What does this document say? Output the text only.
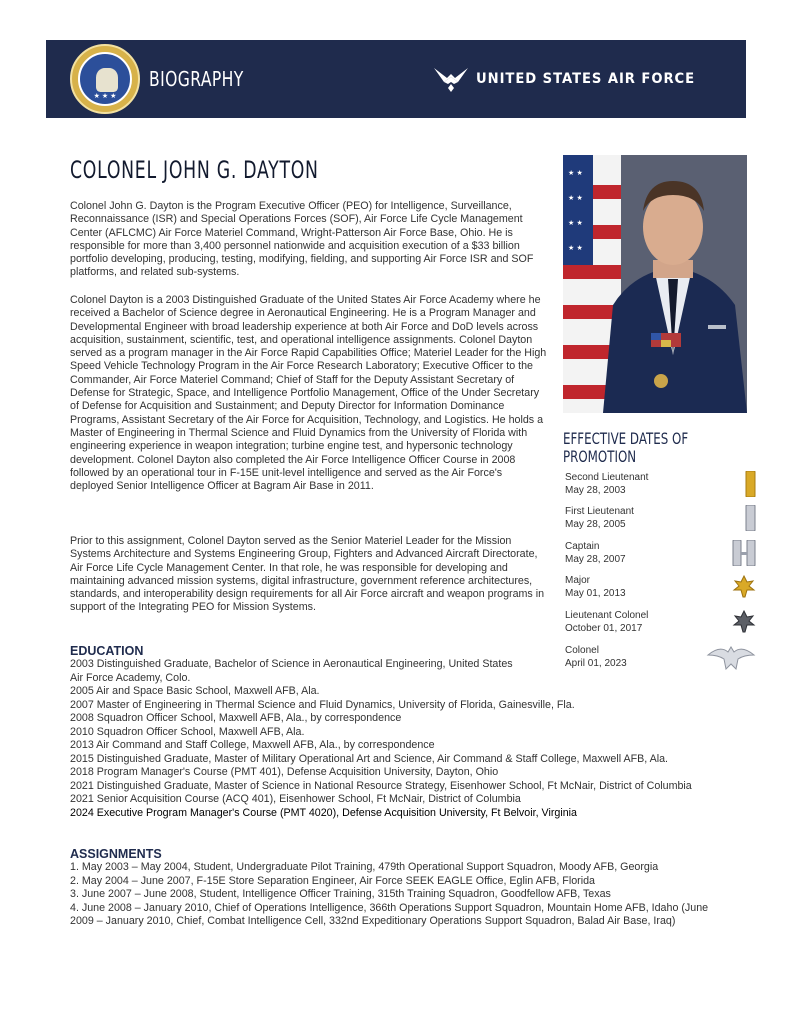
★ ★ ★
BIOGRAPHY	UNITED STATES AIR FORCE
COLONEL JOHN G. DAYTON

Colonel John G. Dayton is the Program Executive Officer (PEO) for Intelligence, Surveillance, Reconnaissance (ISR) and Special Operations Forces (SOF), Air Force Life Cycle Management Center (AFLCMC) Air Force Materiel Command, Wright-Patterson Air Force Base, Ohio. He is responsible for more than 3,400 personnel nationwide and acquisition execution of a $33 billion portfolio developing, producing, testing, modifying, fielding, and supporting Air Force ISR and SOF platforms, and related sub-systems.

Colonel Dayton is a 2003 Distinguished Graduate of the United States Air Force Academy where he received a Bachelor of Science degree in Aeronautical Engineering. He is a Program Manager and Developmental Engineer with broad leadership experience at both Air Force and DoD levels across acquisition, sustainment, scientific, test, and operational intelligence assignments. Colonel Dayton served as a program manager in the Air Force Rapid Capabilities Office; Materiel Leader for the High Speed Vehicle Technology Program in the Air Force Research Laboratory; Executive Officer to the Commander, Air Force Materiel Command; Chief of Staff for the Deputy Assistant Secretary of Defense for Strategic, Space, and Intelligence Portfolio Management, Office of the Under Secretary of Defense for Acquisition and Sustainment; and Deputy Director for Information Dominance Programs, Assistant Secretary of the Air Force for Acquisition, Technology, and Logistics. He holds a Master of Engineering in Thermal Science and Fluid Dynamics from the University of Florida with engineering experience in weapon integration; turbine engine test, and hypersonic technology development. Colonel Dayton also completed the Air Force Intelligence Officer Course in 2008 followed by an operational tour in F-15E unit-level intelligence and served as the Air Force's deployed Senior Intelligence Officer at Bagram Air Base in 2011.

Prior to this assignment, Colonel Dayton served as the Senior Materiel Leader for the Mission Systems Architecture and Systems Engineering Group, Fighters and Advanced Aircraft Directorate, Air Force Life Cycle Management Center. In that role, he was responsible for developing and maintaining advanced mission systems, digital infrastructure, government reference architectures, standards, and interoperability design requirements for all Air Force aircraft and weapon programs in support of the Integrating PEO for Mission Systems.

★ ★
★ ★
★ ★
★ ★
EFFECTIVE DATES OF
PROMOTION
Second Lieutenant
May 28, 2003
First Lieutenant
May 28, 2005
Captain
May 28, 2007
Major
May 01, 2013
Lieutenant Colonel
October 01, 2017
Colonel
April 01, 2023
EDUCATION
2003 Distinguished Graduate, Bachelor of Science in Aeronautical Engineering, United States Air Force Academy, Colo.
2005 Air and Space Basic School, Maxwell AFB, Ala.
2007 Master of Engineering in Thermal Science and Fluid Dynamics, University of Florida, Gainesville, Fla.
2008 Squadron Officer School, Maxwell AFB, Ala., by correspondence
2010 Squadron Officer School, Maxwell AFB, Ala.
2013 Air Command and Staff College, Maxwell AFB, Ala., by correspondence
2015 Distinguished Graduate, Master of Military Operational Art and Science, Air Command & Staff College, Maxwell AFB, Ala.
2018 Program Manager's Course (PMT 401), Defense Acquisition University, Dayton, Ohio
2021 Distinguished Graduate, Master of Science in National Resource Strategy, Eisenhower School, Ft McNair, District of Columbia
2021 Senior Acquisition Course (ACQ 401), Eisenhower School, Ft McNair, District of Columbia
2024 Executive Program Manager's Course (PMT 4020), Defense Acquisition University, Ft Belvoir, Virginia
ASSIGNMENTS
1. May 2003 – May 2004, Student, Undergraduate Pilot Training, 479th Operational Support Squadron, Moody AFB, Georgia
2. May 2004 – June 2007, F-15E Store Separation Engineer, Air Force SEEK EAGLE Office, Eglin AFB, Florida
3. June 2007 – June 2008, Student, Intelligence Officer Training, 315th Training Squadron, Goodfellow AFB, Texas
4. June 2008 – January 2010, Chief of Operations Intelligence, 366th Operations Support Squadron, Mountain Home AFB, Idaho (June 2009 – January 2010, Chief, Combat Intelligence Cell, 332nd Expeditionary Operations Support Squadron, Balad Air Base, Iraq)
